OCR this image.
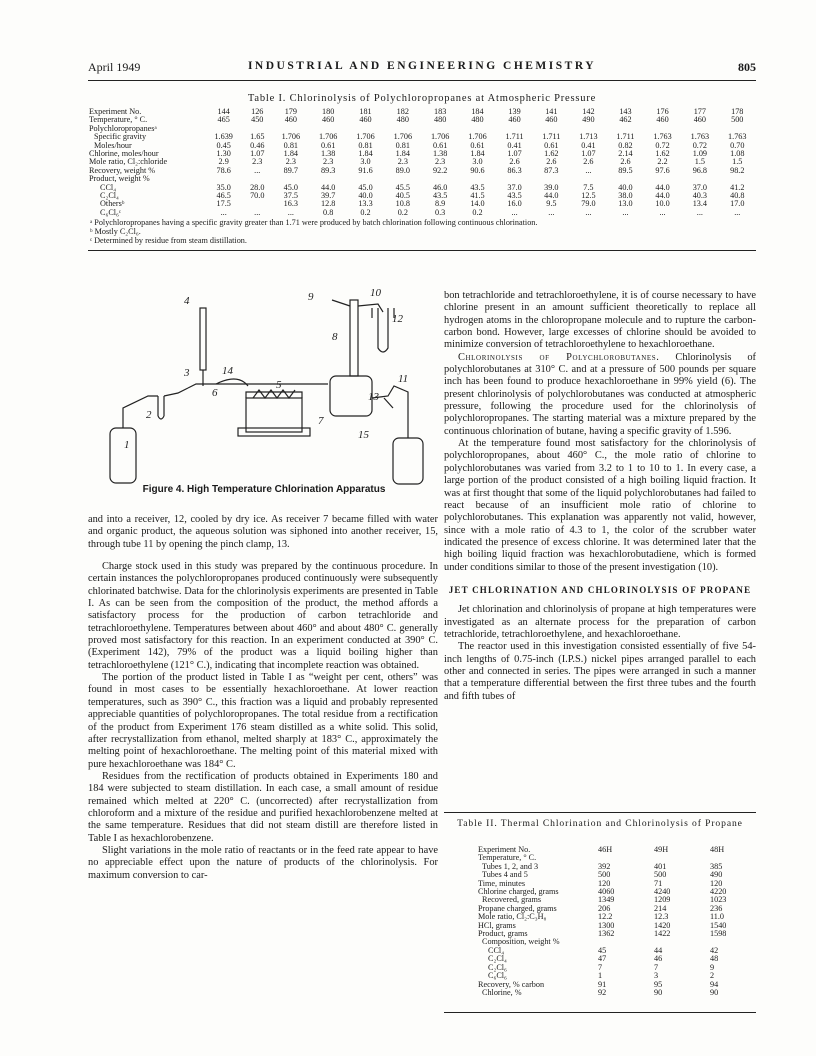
April 1949	INDUSTRIAL AND ENGINEERING CHEMISTRY	805
Table I. Chlorinolysis of Polychloropropanes at Atmospheric Pressure
Experiment No.	144	126	179	180	181	182	183	184	139	141	142	143	176	177	178
Temperature, ° C.	465	450	460	460	460	480	480	480	460	460	490	462	460	460	500
Polychloropropanesᵃ															
Specific gravity	1.639	1.65	1.706	1.706	1.706	1.706	1.706	1.706	1.711	1.711	1.713	1.711	1.763	1.763	1.763
Moles/hour	0.45	0.46	0.81	0.61	0.81	0.81	0.61	0.61	0.41	0.61	0.41	0.82	0.72	0.72	0.70
Chlorine, moles/hour	1.30	1.07	1.84	1.38	1.84	1.84	1.38	1.84	1.07	1.62	1.07	2.14	1.62	1.09	1.08
Mole ratio, Cl₂:chloride	2.9	2.3	2.3	2.3	3.0	2.3	2.3	3.0	2.6	2.6	2.6	2.6	2.2	1.5	1.5
Recovery, weight %	78.6	...	89.7	89.3	91.6	89.0	92.2	90.6	86.3	87.3	...	89.5	97.6	96.8	98.2
Product, weight %															
CCl₄	35.0	28.0	45.0	44.0	45.0	45.5	46.0	43.5	37.0	39.0	7.5	40.0	44.0	37.0	41.2
C₂Cl₄	46.5	70.0	37.5	39.7	40.0	40.5	43.5	41.5	43.5	44.0	12.5	38.0	44.0	40.3	40.8
Othersᵇ	17.5		16.3	12.8	13.3	10.8	8.9	14.0	16.0	9.5	79.0	13.0	10.0	13.4	17.0
C₆Cl₆ᶜ	...	...	...	0.8	0.2	0.2	0.3	0.2	...	...	...	...	...	...	...
ᵃ Polychloropropanes having a specific gravity greater than 1.71 were produced by batch chlorination following continuous chlorination.
ᵇ Mostly C₂Cl₆.
ᶜ Determined by residue from steam distillation.
1
2
3
4
5
6
7
8
9	10
11
12
13
14
15
Figure 4. High Temperature Chlorination Apparatus

and into a receiver, 12, cooled by dry ice. As receiver 7 became filled with water and organic product, the aqueous solution was siphoned into another receiver, 15, through tube 11 by opening the pinch clamp, 13.

Charge stock used in this study was prepared by the continuous procedure. In certain instances the polychloropropanes produced continuously were subsequently chlorinated batchwise. Data for the chlorinolysis experiments are presented in Table I. As can be seen from the composition of the product, the method affords a satisfactory process for the production of carbon tetrachloride and tetrachloroethylene. Temperatures between about 460° and about 480° C. generally proved most satisfactory for this reaction. In an experiment conducted at 390° C. (Experiment 142), 79% of the product was a liquid boiling higher than tetrachloroethylene (121° C.), indicating that incomplete reaction was obtained.

The portion of the product listed in Table I as “weight per cent, others” was found in most cases to be essentially hexachloroethane. At lower reaction temperatures, such as 390° C., this fraction was a liquid and probably represented appreciable quantities of polychloropropanes. The total residue from a rectification of the product from Experiment 176 steam distilled as a white solid. This solid, after recrystallization from ethanol, melted sharply at 183° C., approximately the melting point of hexachloroethane. The melting point of this material mixed with pure hexachloroethane was 184° C.

Residues from the rectification of products obtained in Experiments 180 and 184 were subjected to steam distillation. In each case, a small amount of residue remained which melted at 220° C. (uncorrected) after recrystallization from chloroform and a mixture of the residue and purified hexachlorobenzene melted at the same temperature. Residues that did not steam distill are therefore listed in Table I as hexachlorobenzene.

Slight variations in the mole ratio of reactants or in the feed rate appear to have no appreciable effect upon the nature of products of the chlorinolysis. For maximum conversion to car-

bon tetrachloride and tetrachloroethylene, it is of course necessary to have chlorine present in an amount sufficient theoretically to replace all hydrogen atoms in the chloropropane molecule and to rupture the carbon-carbon bond. However, large excesses of chlorine should be avoided to minimize conversion of tetrachloroethylene to hexachloroethane.

Chlorinolysis of Polychlorobutanes. Chlorinolysis of polychlorobutanes at 310° C. and at a pressure of 500 pounds per square inch has been found to produce hexachloroethane in 99% yield (6). The present chlorinolysis of polychlorobutanes was conducted at atmospheric pressure, following the procedure used for the chlorinolysis of polychloropropanes. The starting material was a mixture prepared by the continuous chlorination of butane, having a specific gravity of 1.596.

At the temperature found most satisfactory for the chlorinolysis of polychloropropanes, about 460° C., the mole ratio of chlorine to polychlorobutanes was varied from 3.2 to 1 to 10 to 1. In every case, a large portion of the product consisted of a high boiling liquid fraction. It was at first thought that some of the liquid polychlorobutanes had failed to react because of an insufficient mole ratio of chlorine to polychlorobutanes. This explanation was apparently not valid, however, since with a mole ratio of 4.3 to 1, the color of the scrubber water indicated the presence of excess chlorine. It was determined later that the high boiling liquid fraction was hexachlorobutadiene, which is formed under conditions similar to those of the present investigation (10).

JET CHLORINATION AND CHLORINOLYSIS OF PROPANE

Jet chlorination and chlorinolysis of propane at high temperatures were investigated as an alternate process for the preparation of carbon tetrachloride, tetrachloroethylene, and hexachloroethane.

The reactor used in this investigation consisted essentially of five 54-inch lengths of 0.75-inch (I.P.S.) nickel pipes arranged parallel to each other and connected in series. The pipes were arranged in such a manner that a temperature differential between the first three tubes and the fourth and fifth tubes of

Table II. Thermal Chlorination and Chlorinolysis of Propane
Experiment No.	46H	49H	48H
Temperature, ° C.			
Tubes 1, 2, and 3	392	401	385
Tubes 4 and 5	500	500	490
Time, minutes	120	71	120
Chlorine charged, grams	4060	4240	4220
Recovered, grams	1349	1209	1023
Propane charged, grams	206	214	236
Mole ratio, Cl₂:C₃H₈	12.2	12.3	11.0
HCl, grams	1300	1420	1540
Product, grams	1362	1422	1598
Composition, weight %			
CCl₄	45	44	42
C₂Cl₄	47	46	48
C₂Cl₆	7	7	9
C₆Cl₆	1	3	2
Recovery, % carbon	91	95	94
Chlorine, %	92	90	90
